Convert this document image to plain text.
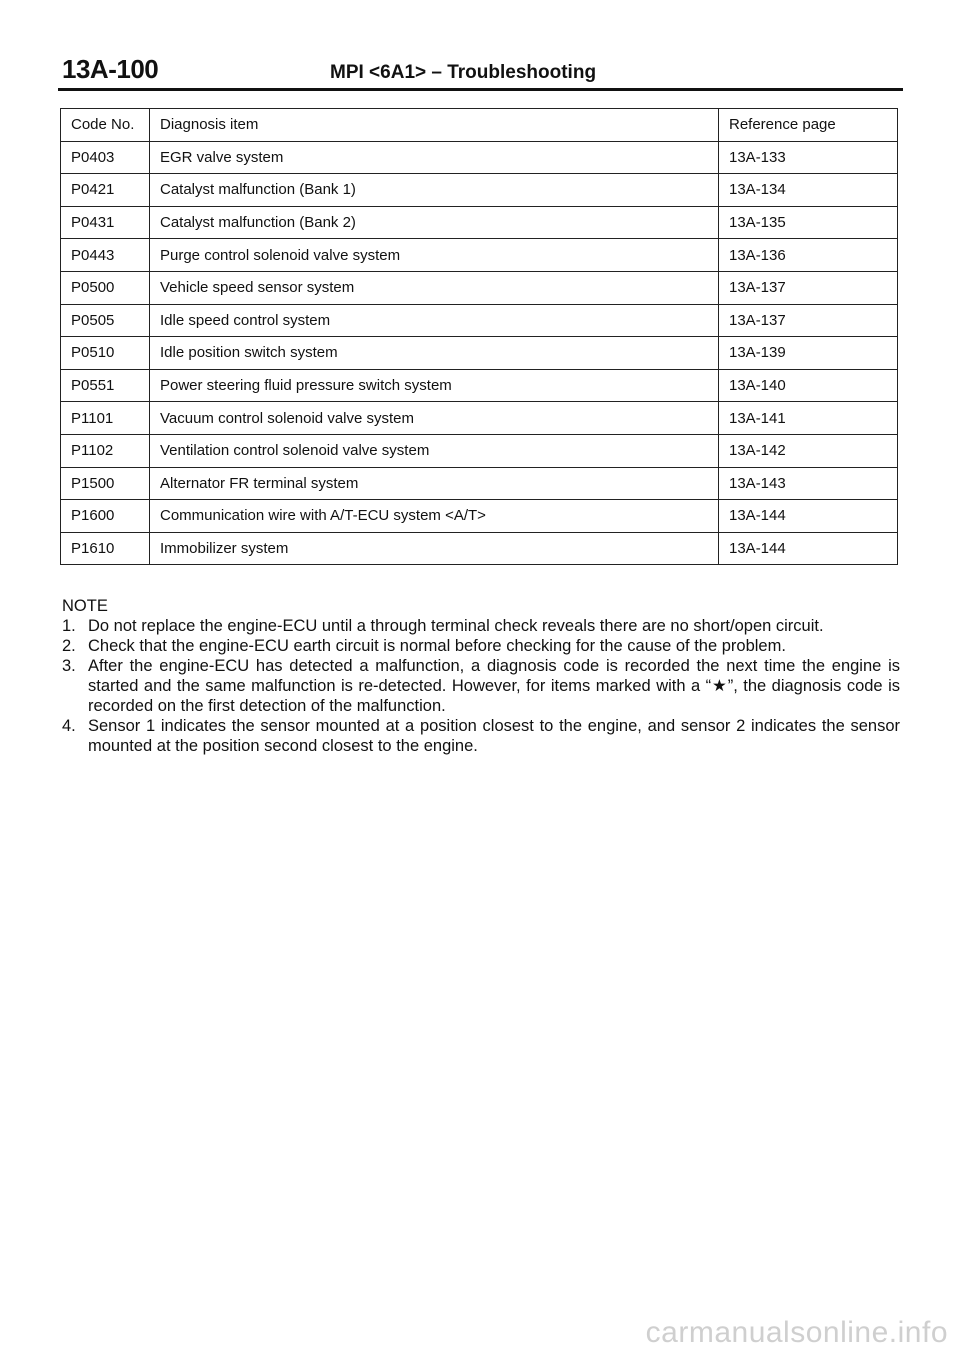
13A-100	MPI <6A1> – Troubleshooting
Code No.	Diagnosis item	Reference page
P0403	EGR valve system	13A-133
P0421	Catalyst malfunction (Bank 1)	13A-134
P0431	Catalyst malfunction (Bank 2)	13A-135
P0443	Purge control solenoid valve system	13A-136
P0500	Vehicle speed sensor system	13A-137
P0505	Idle speed control system	13A-137
P0510	Idle position switch system	13A-139
P0551	Power steering fluid pressure switch system	13A-140
P1101	Vacuum control solenoid valve system	13A-141
P1102	Ventilation control solenoid valve system	13A-142
P1500	Alternator FR terminal system	13A-143
P1600	Communication wire with A/T-ECU system <A/T>	13A-144
P1610	Immobilizer system	13A-144
NOTE
1. Do not replace the engine-ECU until a through terminal check reveals there are no short/open circuit.
2. Check that the engine-ECU earth circuit is normal before checking for the cause of the problem.
3. After the engine-ECU has detected a malfunction, a diagnosis code is recorded the next time the engine is started and the same malfunction is re-detected. However, for items marked with a “★”, the diagnosis code is recorded on the first detection of the malfunction.
4. Sensor 1 indicates the sensor mounted at a position closest to the engine, and sensor 2 indicates the sensor mounted at the position second closest to the engine.
carmanualsonline.info
